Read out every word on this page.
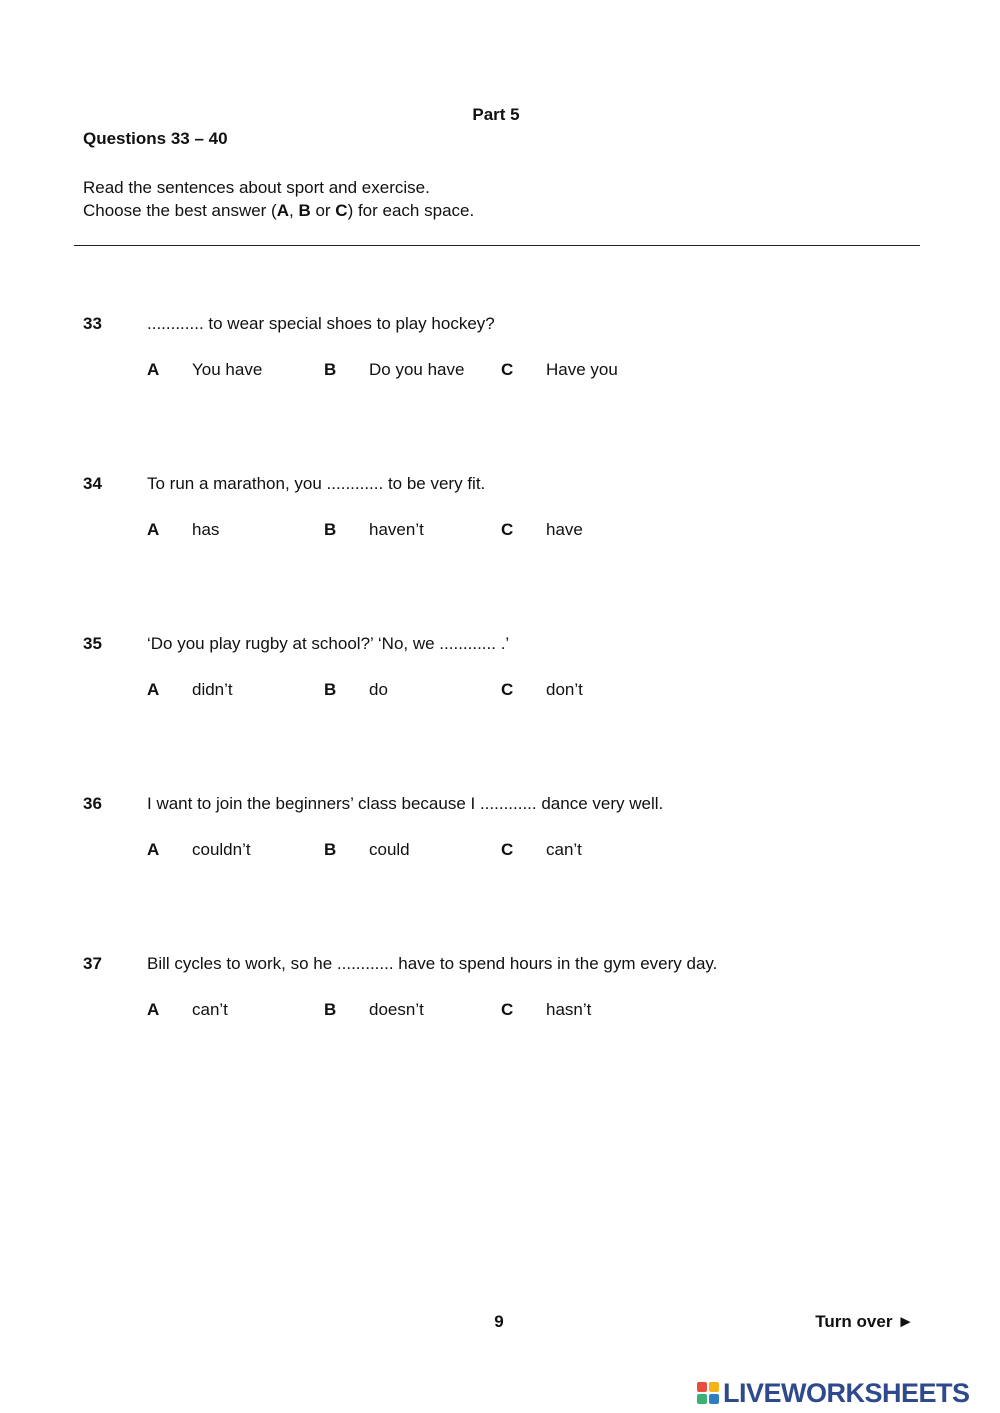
Part 5
Questions 33 – 40
Read the sentences about sport and exercise.
Choose the best answer (A, B or C) for each space.
33	............ to wear special shoes to play hockey?
A You have	B Do you have C Have you
34	To run a marathon, you ............ to be very fit.
A has	B haven’t	C have
35	‘Do you play rugby at school?’ ‘No, we ............ .’
A didn’t	B do	C don’t
36	I want to join the beginners’ class because I ............ dance very well.
A couldn’t	B could	C can’t
37	Bill cycles to work, so he ............ have to spend hours in the gym every day.
A can’t	B doesn’t	C hasn’t
9	Turn over ►
LIVEWORKSHEETS
